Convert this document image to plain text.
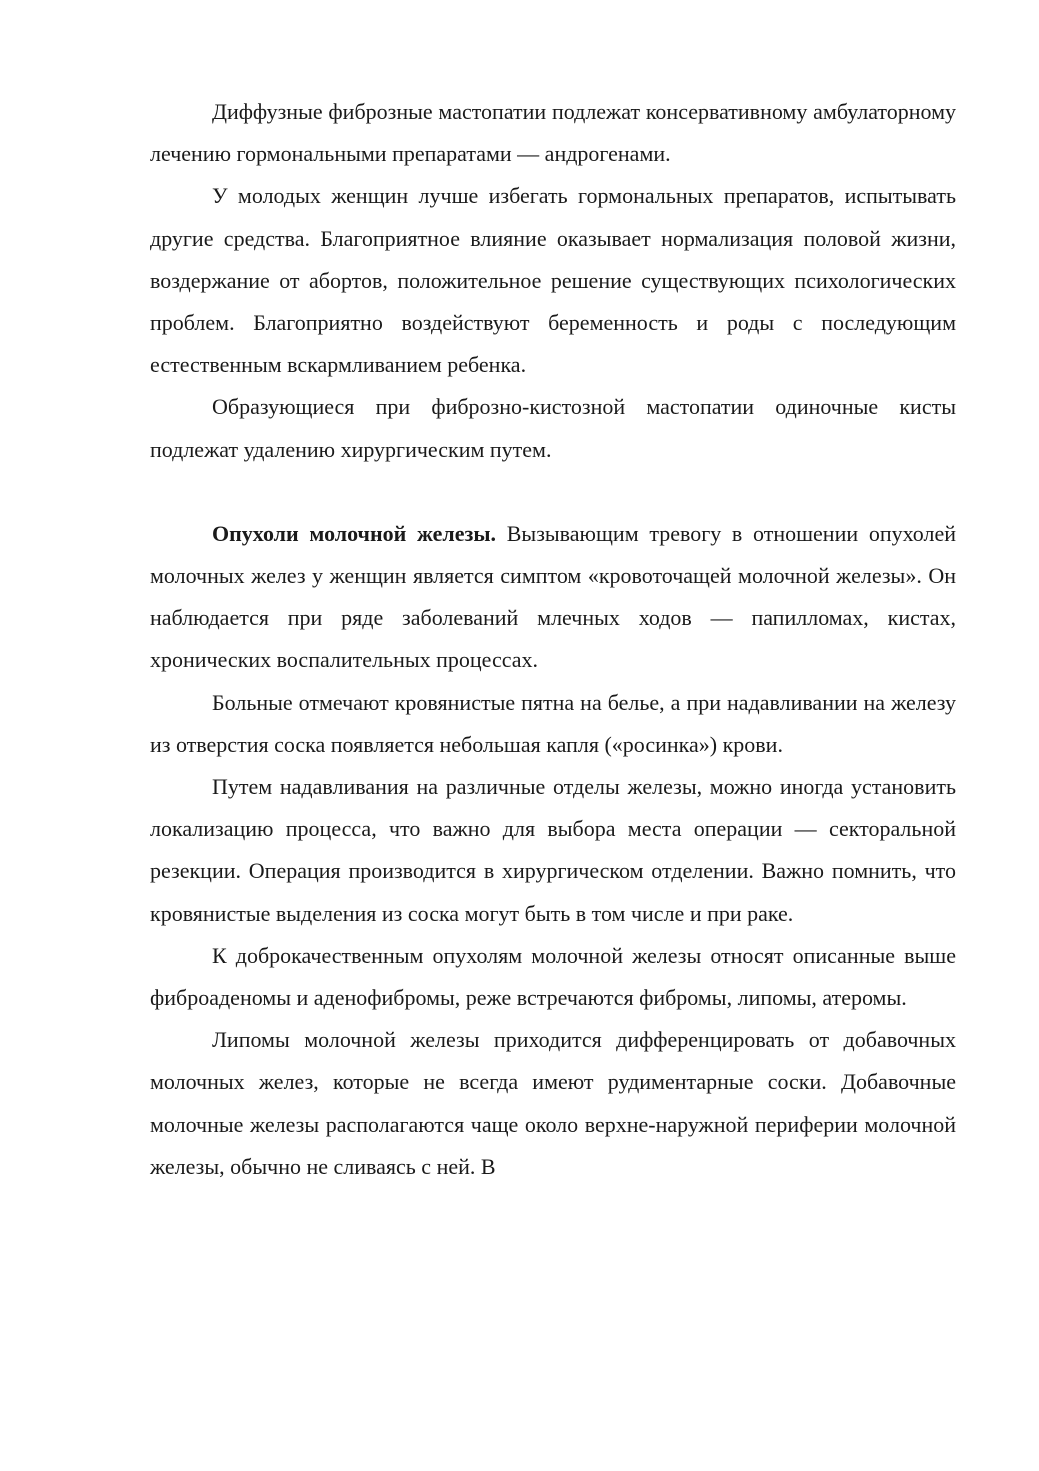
Диффузные фиброзные мастопатии подлежат консервативному амбулаторному лечению гормональными препаратами — андрогенами.

У молодых женщин лучше избегать гормональных препаратов, испытывать другие средства. Благоприятное влияние оказывает нормализация половой жизни, воздержание от абортов, положительное решение существующих психологических проблем. Благоприятно воздействуют беременность и роды с последующим естественным вскармливанием ребенка.

Образующиеся при фиброзно-кистозной мастопатии одиночные кисты подлежат удалению хирургическим путем.

Опухоли молочной железы. Вызывающим тревогу в отношении опухолей молочных желез у женщин является симптом «кровоточащей молочной железы». Он наблюдается при ряде заболеваний млечных ходов — папилломах, кистах, хронических воспалительных процессах.

Больные отмечают кровянистые пятна на белье, а при надавливании на железу из отверстия соска появляется небольшая капля («росинка») крови.

Путем надавливания на различные отделы железы, можно иногда установить локализацию процесса, что важно для выбора места операции — секторальной резекции. Операция производится в хирургическом отделении. Важно помнить, что кровянистые выделения из соска могут быть в том числе и при раке.

К доброкачественным опухолям молочной железы относят описанные выше фиброаденомы и аденофибромы, реже встречаются фибромы, липомы, атеромы.

Липомы молочной железы приходится дифференцировать от добавочных молочных желез, которые не всегда имеют рудиментарные соски. Добавочные молочные железы располагаются чаще около верхне-наружной периферии молочной железы, обычно не сливаясь с ней. В
